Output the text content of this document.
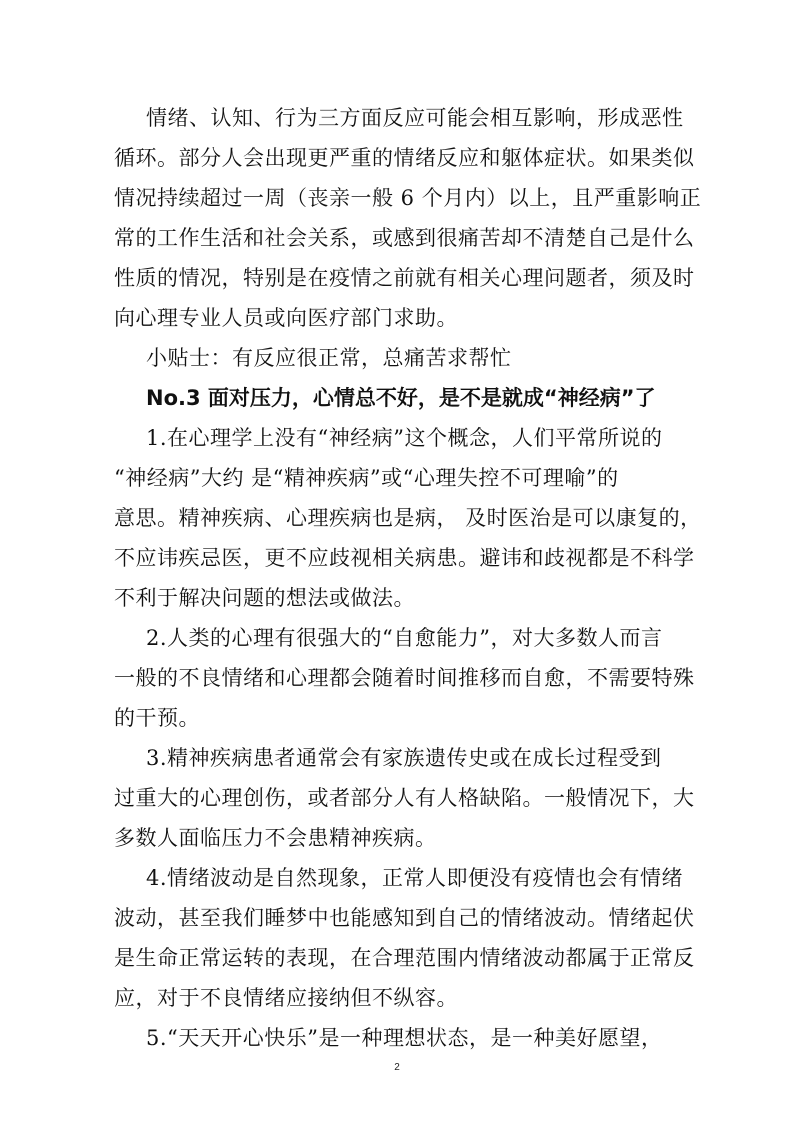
情绪、认知、行为三方面反应可能会相互影响，形成恶性
循环。部分人会出现更严重的情绪反应和躯体症状。如果类似
情况持续超过一周（丧亲一般 6 个月内）以上，且严重影响正
常的工作生活和社会关系，或感到很痛苦却不清楚自己是什么
性质的情况，特别是在疫情之前就有相关心理问题者，须及时
向心理专业人员或向医疗部门求助。
小贴士：有反应很正常，总痛苦求帮忙
No.3 面对压力，心情总不好，是不是就成“神经病”了
1.在心理学上没有“神经病”这个概念，人们平常所说的
“神经病”大约 是“精神疾病”或“心理失控不可理喻”的
意思。精神疾病、心理疾病也是病， 及时医治是可以康复的，
不应讳疾忌医，更不应歧视相关病患。避讳和歧视都是不科学
不利于解决问题的想法或做法。
2.人类的心理有很强大的“自愈能力”，对大多数人而言
一般的不良情绪和心理都会随着时间推移而自愈，不需要特殊
的干预。
3.精神疾病患者通常会有家族遗传史或在成长过程受到
过重大的心理创伤，或者部分人有人格缺陷。一般情况下，大
多数人面临压力不会患精神疾病。
4.情绪波动是自然现象，正常人即便没有疫情也会有情绪
波动，甚至我们睡梦中也能感知到自己的情绪波动。情绪起伏
是生命正常运转的表现，在合理范围内情绪波动都属于正常反
应，对于不良情绪应接纳但不纵容。
5.“天天开心快乐”是一种理想状态，是一种美好愿望，
2
